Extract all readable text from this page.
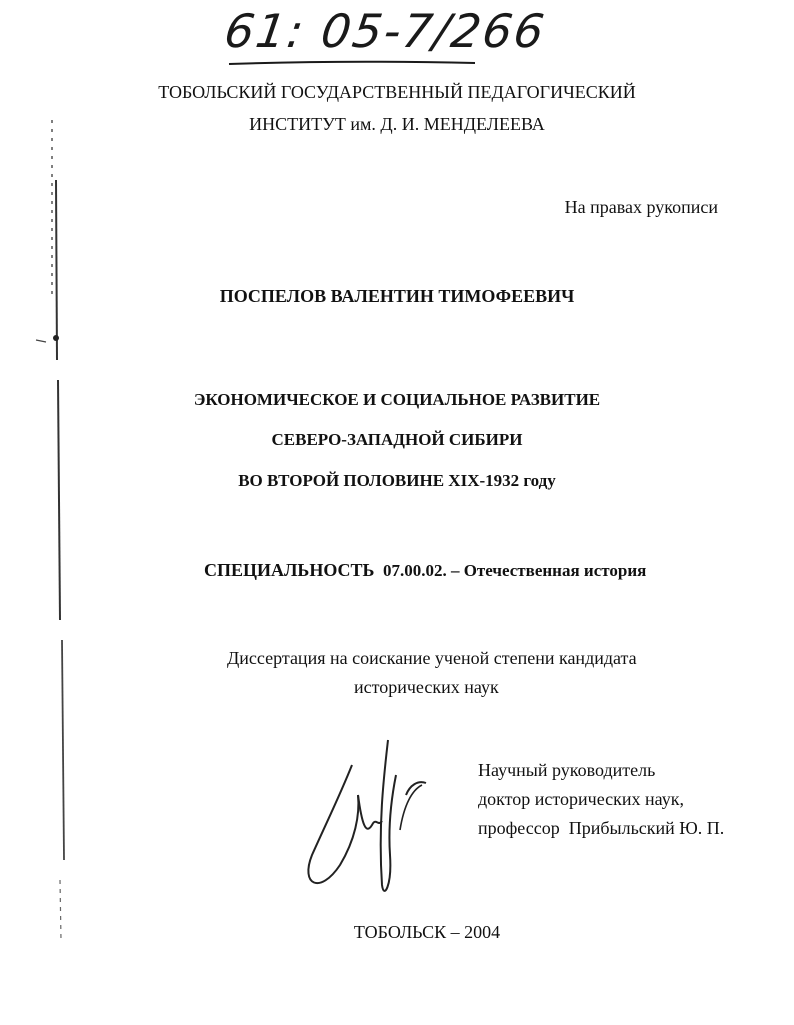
61: 05-7/266
ТОБОЛЬСКИЙ ГОСУДАРСТВЕННЫЙ ПЕДАГОГИЧЕСКИЙ
ИНСТИТУТ им. Д. И. МЕНДЕЛЕЕВА
На правах рукописи
ПОСПЕЛОВ ВАЛЕНТИН ТИМОФЕЕВИЧ
ЭКОНОМИЧЕСКОЕ И СОЦИАЛЬНОЕ РАЗВИТИЕ
СЕВЕРО-ЗАПАДНОЙ СИБИРИ
ВО ВТОРОЙ ПОЛОВИНЕ XIX-1932 году
СПЕЦИАЛЬНОСТЬ 07.00.02. – Отечественная история
Диссертация на соискание ученой степени кандидата
исторических наук
Научный руководитель
доктор исторических наук,
профессор  Прибыльский Ю. П.
ТОБОЛЬСК – 2004
